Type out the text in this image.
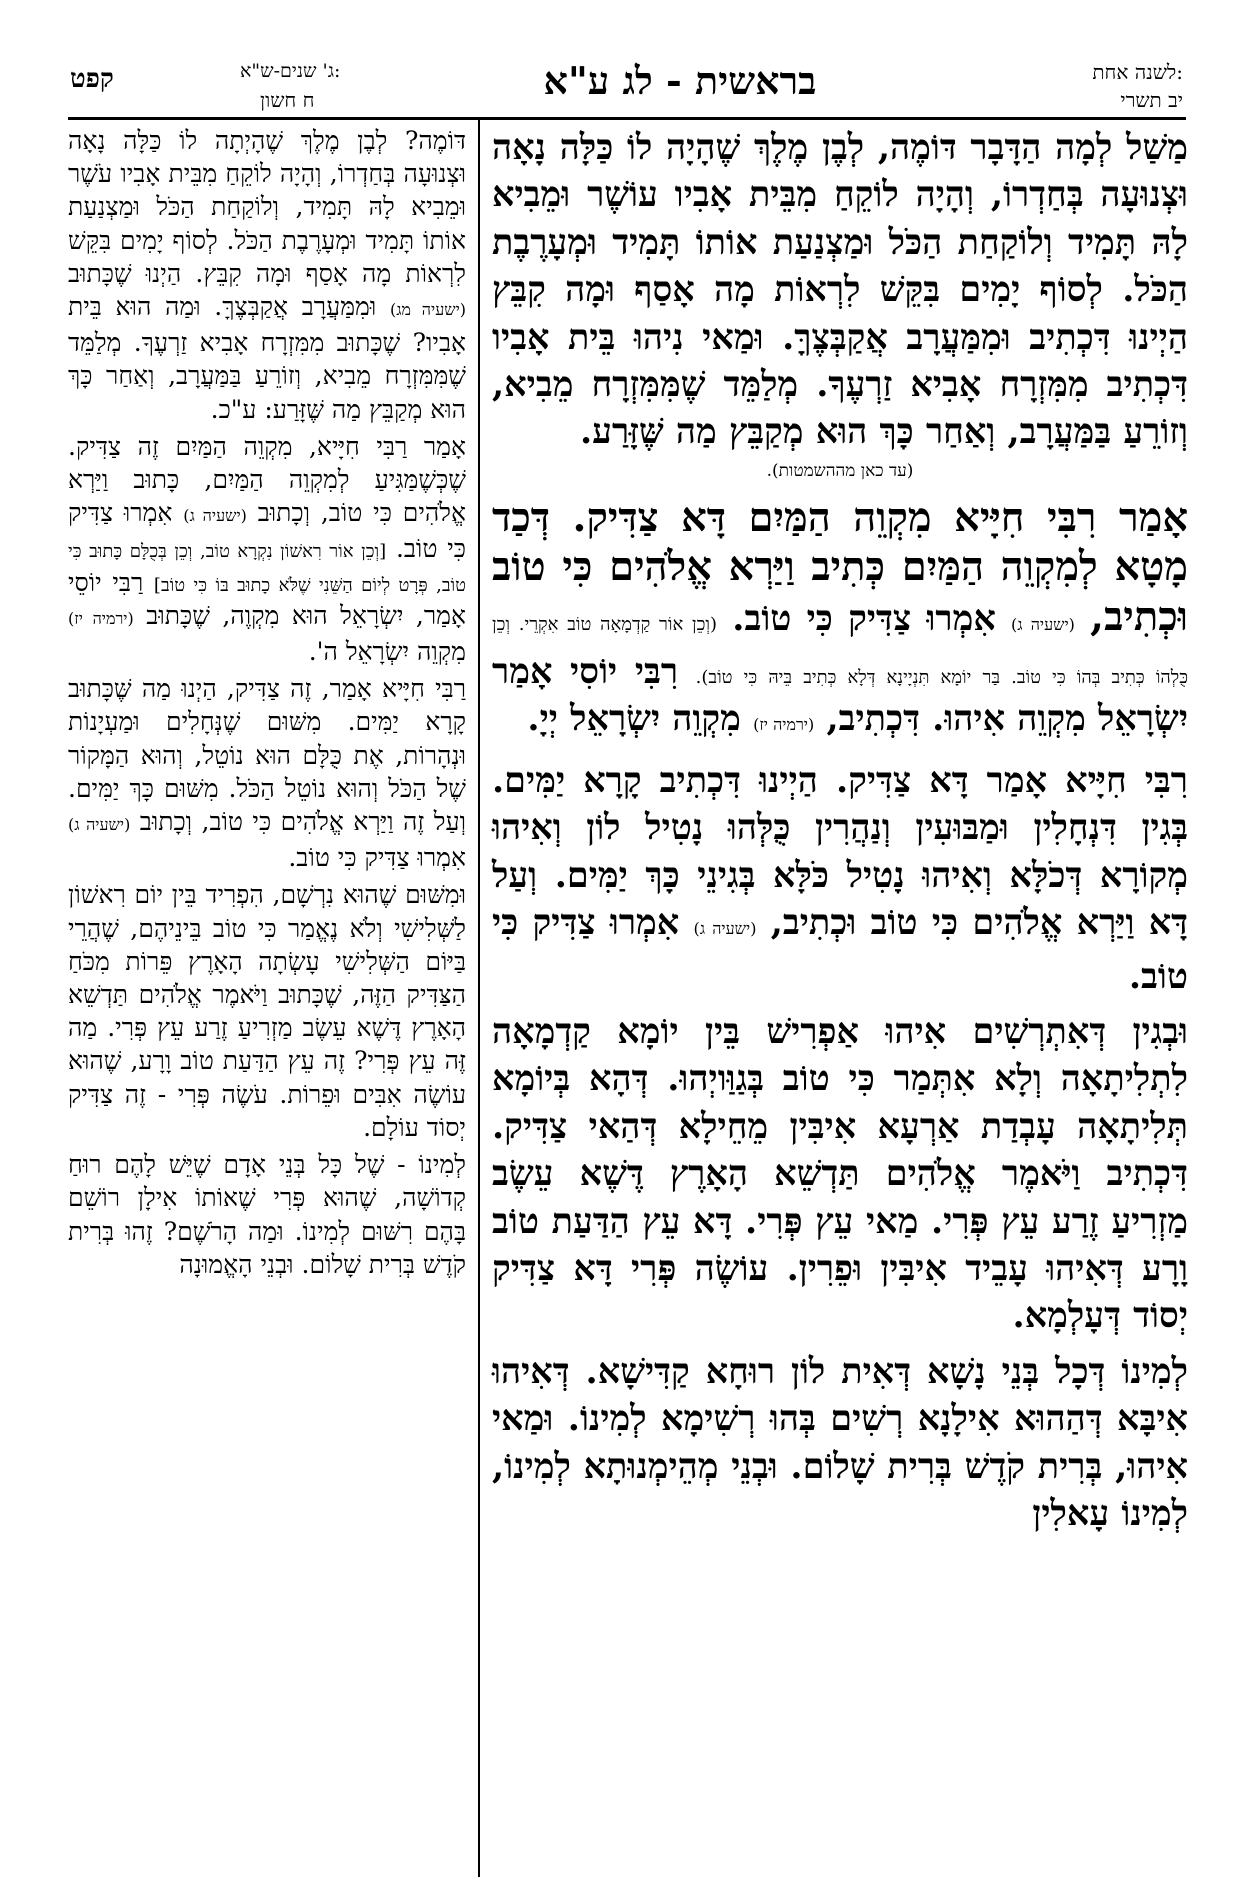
בראשית - לג ע"א	לשנה אחת:
יב תשרי
ג' שנים-ש"א:
ח חשון
קפט

מַשַׁל לְמָה הַדָּבָר דּוֹמֶה, לְבֶן מֶלֶךְ שֶׁהָיָה לוֹ כַּלָּה נָאָה וּצְנוּעָה בְּחַדְרוֹ, וְהָיָה לוֹקֵחַ מִבֵּית אָבִיו עוֹשֶׁר וּמֵבִיא לָהּ תָּמִיד וְלוֹקַחַת הַכֹּל וּמַצְנַעַת אוֹתוֹ תָּמִיד וּמְעָרֶבֶת הַכֹּל. לְסוֹף יָמִים בִּקֵּשׁ לִרְאוֹת מָה אָסַף וּמָה קִבֵּץ הַיְינוּ דִּכְתִיב וּמִמַּעֲרָב אֲקַבְּצֶךָּ. וּמַאי נִיהוּ בֵּית אָבִיו דִּכְתִיב מִמִּזְרָח אָבִיא זַרְעֶךָ. מְלַמֵּד שֶׁמִּמִּזְרָח מֵבִיא, וְזוֹרֵעַ בַּמַּעֲרָב, וְאַחַר כָּךְ הוּא מְקַבֵּץ מַה שֶּׁזָּרַע.

(עד כאן מההשמטות).

אָמַר רִבִּי חִיָּיא מִקְוֵה הַמַּיִם דָּא צַדִּיק. דְּכַד מָטָא לְמִקְוֵה הַמַּיִם כְּתִיב וַיַּרְא אֱלֹהִים כִּי טוֹב וּכְתִיב, (ישעיה ג) אִמְרוּ צַדִּיק כִּי טוֹב. (וְכֵן אוֹר קַדְמָאָה טוֹב אִקְרֵי. וְכֵן כֻּלְהוֹ כְּתִיב בְּהוֹ כִּי טוֹב. בַּר יוֹמָא תִּנְיָינָא דְּלָא כְּתִיב בֵּיהּ כִּי טוֹב). רִבִּי יוֹסִי אָמַר יִשְׂרָאֵל מִקְוֵה אִיהוּ. דִּכְתִיב, (ירמיה יז) מִקְוֵה יִשְׂרָאֵל יְיָ.

רִבִּי חִיָּיא אָמַר דָּא צַדִּיק. הַיְינוּ דִּכְתִיב קָרָא יַמִּים. בְּגִין דִּנְחָלִין וּמַבּוּעִין וְנַהֲרִין כֻּלְּהוּ נָטִיל לוֹן וְאִיהוּ מְקוֹרָא דְּכֹלָּא וְאִיהוּ נָטִיל כֹּלָּא בְּגִינֵי כָּךְ יַמִּים. וְעַל דָּא וַיַּרְא אֱלֹהִים כִּי טוֹב וּכְתִיב, (ישעיה ג) אִמְרוּ צַדִּיק כִּי טוֹב.

וּבְגִין דְּאִתְרְשִׁים אִיהוּ אַפְרִישׁ בֵּין יוֹמָא קַדְמָאָה לִתְלִיתָאָה וְלָא אִתְּמַר כִּי טוֹב בְּגַוַּויְהוּ. דְּהָא בְּיוֹמָא תְּלִיתָאָה עָבְדַת אַרְעָא אִיבִּין מֵחֵילָא דְּהַאי צַדִּיק. דִּכְתִיב וַיֹּאמֶר אֱלֹהִים תַּדְשֵׁא הָאָרֶץ דֶּשֶׁא עֵשֶׂב מַזְרִיעַ זֶרַע עֵץ פְּרִי. מַאי עֵץ פְּרִי. דָּא עֵץ הַדַּעַת טוֹב וָרָע דְּאִיהוּ עָבֵיד אִיבִּין וּפֵרִין. עוֹשֶׂה פְּרִי דָּא צַדִּיק יְסוֹד דְּעָלְמָא.

לְמִינוֹ דְּכָל בְּנֵי נָשָׁא דְּאִית לוֹן רוּחָא קַדִּישָׁא. דְּאִיהוּ אִיבָּא דְּהַהוּא אִילָנָא רְשִׁים בְּהוּ רְשִׁימָא לְמִינוֹ. וּמַאי אִיהוּ, בְּרִית קֹדֶשׁ בְּרִית שָׁלוֹם. וּבְנֵי מְהֵימְנוּתָא לְמִינוֹ, לְמִינוֹ עָאלִין

דּוֹמֶה? לְבֶן מֶלֶךְ שֶׁהָיְתָה לוֹ כַּלָּה נָאָה וּצְנוּעָה בְּחַדְרוֹ, וְהָיָה לוֹקֵחַ מִבֵּית אָבִיו עֹשֶׁר וּמֵבִיא לָהּ תָּמִיד, וְלוֹקַחַת הַכֹּל וּמַצְנַעַת אוֹתוֹ תָּמִיד וּמְעָרֶבֶת הַכֹּל. לְסוֹף יָמִים בִּקֵּשׁ לִרְאוֹת מָה אָסַף וּמָה קִבֵּץ. הַיְנוּ שֶׁכָּתוּב (ישעיה מג) וּמִמַּעֲרָב אֲקַבְּצֶךָּ. וּמַה הוּא בֵּית אָבִיו? שֶׁכָּתוּב מִמִּזְרָח אָבִיא זַרְעֶךָ. מְלַמֵּד שֶׁמִּמִּזְרָח מֵבִיא, וְזוֹרֵעַ בַּמַּעֲרָב, וְאַחַר כָּךְ הוּא מְקַבֵּץ מַה שֶּׁזָּרַע: ע"כ.

אָמַר רַבִּי חִיָּיא, מִקְוֵה הַמַּיִם זֶה צַדִּיק. שֶׁכְּשֶׁמַּגִּיעַ לְמִקְוֵה הַמַּיִם, כָּתוּב וַיַּרְא אֱלֹהִים כִּי טוֹב, וְכָתוּב (ישעיה ג) אִמְרוּ צַדִּיק כִּי טוֹב. [וְכֵן אוֹר רִאשׁוֹן נִקְרָא טוֹב, וְכֵן בְּכֻלָּם כָּתוּב כִּי טוֹב, פְּרָט לְיוֹם הַשֵּׁנִי שֶׁלֹּא כָתוּב בּוֹ כִּי טוֹב] רַבִּי יוֹסֵי אָמַר, יִשְׂרָאֵל הוּא מִקְוֶה, שֶׁכָּתוּב (ירמיה יז) מִקְוֵה יִשְׂרָאֵל ה'.

רַבִּי חִיָּיא אָמַר, זֶה צַדִּיק, הַיְנוּ מַה שֶּׁכָּתוּב קָרָא יַמִּים. מִשּׁוּם שֶׁנְּחָלִים וּמַעְיָנוֹת וּנְהָרוֹת, אֶת כֻּלָּם הוּא נוֹטֵל, וְהוּא הַמָּקוֹר שֶׁל הַכֹּל וְהוּא נוֹטֵל הַכֹּל. מִשּׁוּם כָּךְ יַמִּים. וְעַל זֶה וַיַּרְא אֱלֹהִים כִּי טוֹב, וְכָתוּב (ישעיה ג) אִמְרוּ צַדִּיק כִּי טוֹב.

וּמִשּׁוּם שֶׁהוּא נִרְשָׁם, הִפְרִיד בֵּין יוֹם רִאשׁוֹן לַשְּׁלִישִׁי וְלֹא נֶאֱמַר כִּי טוֹב בֵּינֵיהֶם, שֶׁהֲרֵי בַּיּוֹם הַשְּׁלִישִׁי עָשְׂתָה הָאָרֶץ פֵּרוֹת מִכֹּחַ הַצַּדִּיק הַזֶּה, שֶׁכָּתוּב וַיֹּאמֶר אֱלֹהִים תַּדְשֵׁא הָאָרֶץ דֶּשֶׁא עֵשֶׂב מַזְרִיעַ זֶרַע עֵץ פְּרִי. מַה זֶּה עֵץ פְּרִי? זֶה עֵץ הַדַּעַת טוֹב וָרָע, שֶׁהוּא עוֹשֶׂה אִבִּים וּפֵרוֹת. עֹשֶׂה פְּרִי - זֶה צַדִּיק יְסוֹד עוֹלָם.

לְמִינוֹ - שֶׁל כָּל בְּנֵי אָדָם שֶׁיֵּשׁ לָהֶם רוּחַ קְדוֹשָׁה, שֶׁהוּא פְּרִי שֶׁאוֹתוֹ אִילָן רוֹשֵׁם בָּהֶם רִשּׁוּם לְמִינוֹ. וּמַה הָרֹשֶׁם? זֶהוּ בְּרִית קֹדֶשׁ בְּרִית שָׁלוֹם. וּבְנֵי הָאֱמוּנָה
